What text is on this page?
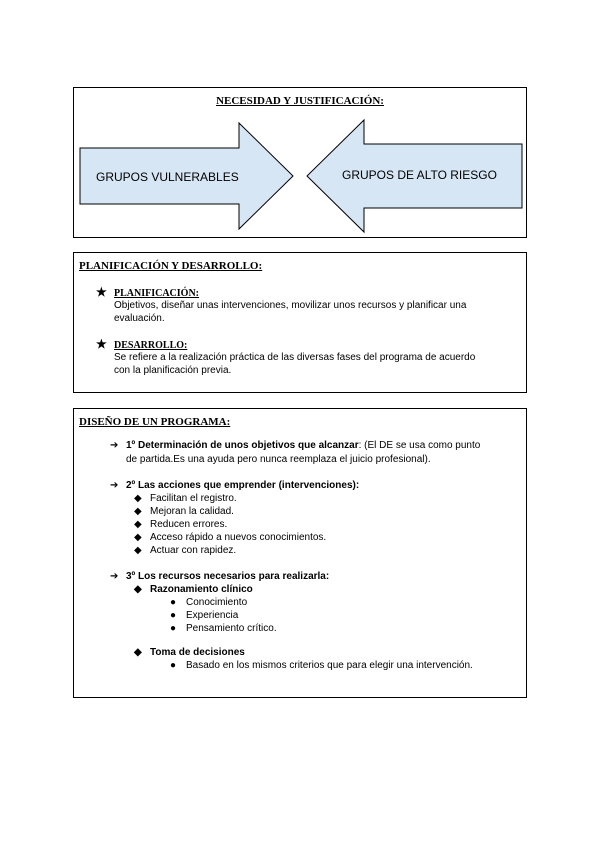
NECESIDAD Y JUSTIFICACIÓN:
GRUPOS VULNERABLES	GRUPOS DE ALTO RIESGO
PLANIFICACIÓN Y DESARROLLO:
★ PLANIFICACIÓN:
Objetivos, diseñar unas intervenciones, movilizar unos recursos y planificar una
evaluación.
★ DESARROLLO:
Se refiere a la realización práctica de las diversas fases del programa de acuerdo
con la planificación previa.
DISEÑO DE UN PROGRAMA:
➔ 1º Determinación de unos objetivos que alcanzar: (El DE se usa como punto
de partida.Es una ayuda pero nunca reemplaza el juicio profesional).
➔ 2º Las acciones que emprender (intervenciones):
◆ Facilitan el registro.
◆ Mejoran la calidad.
◆ Reducen errores.
◆ Acceso rápido a nuevos conocimientos.
◆ Actuar con rapidez.
➔ 3º Los recursos necesarios para realizarla:
◆ Razonamiento clínico
● Conocimiento
● Experiencia
● Pensamiento crítico.
◆ Toma de decisiones
● Basado en los mismos criterios que para elegir una intervención.
